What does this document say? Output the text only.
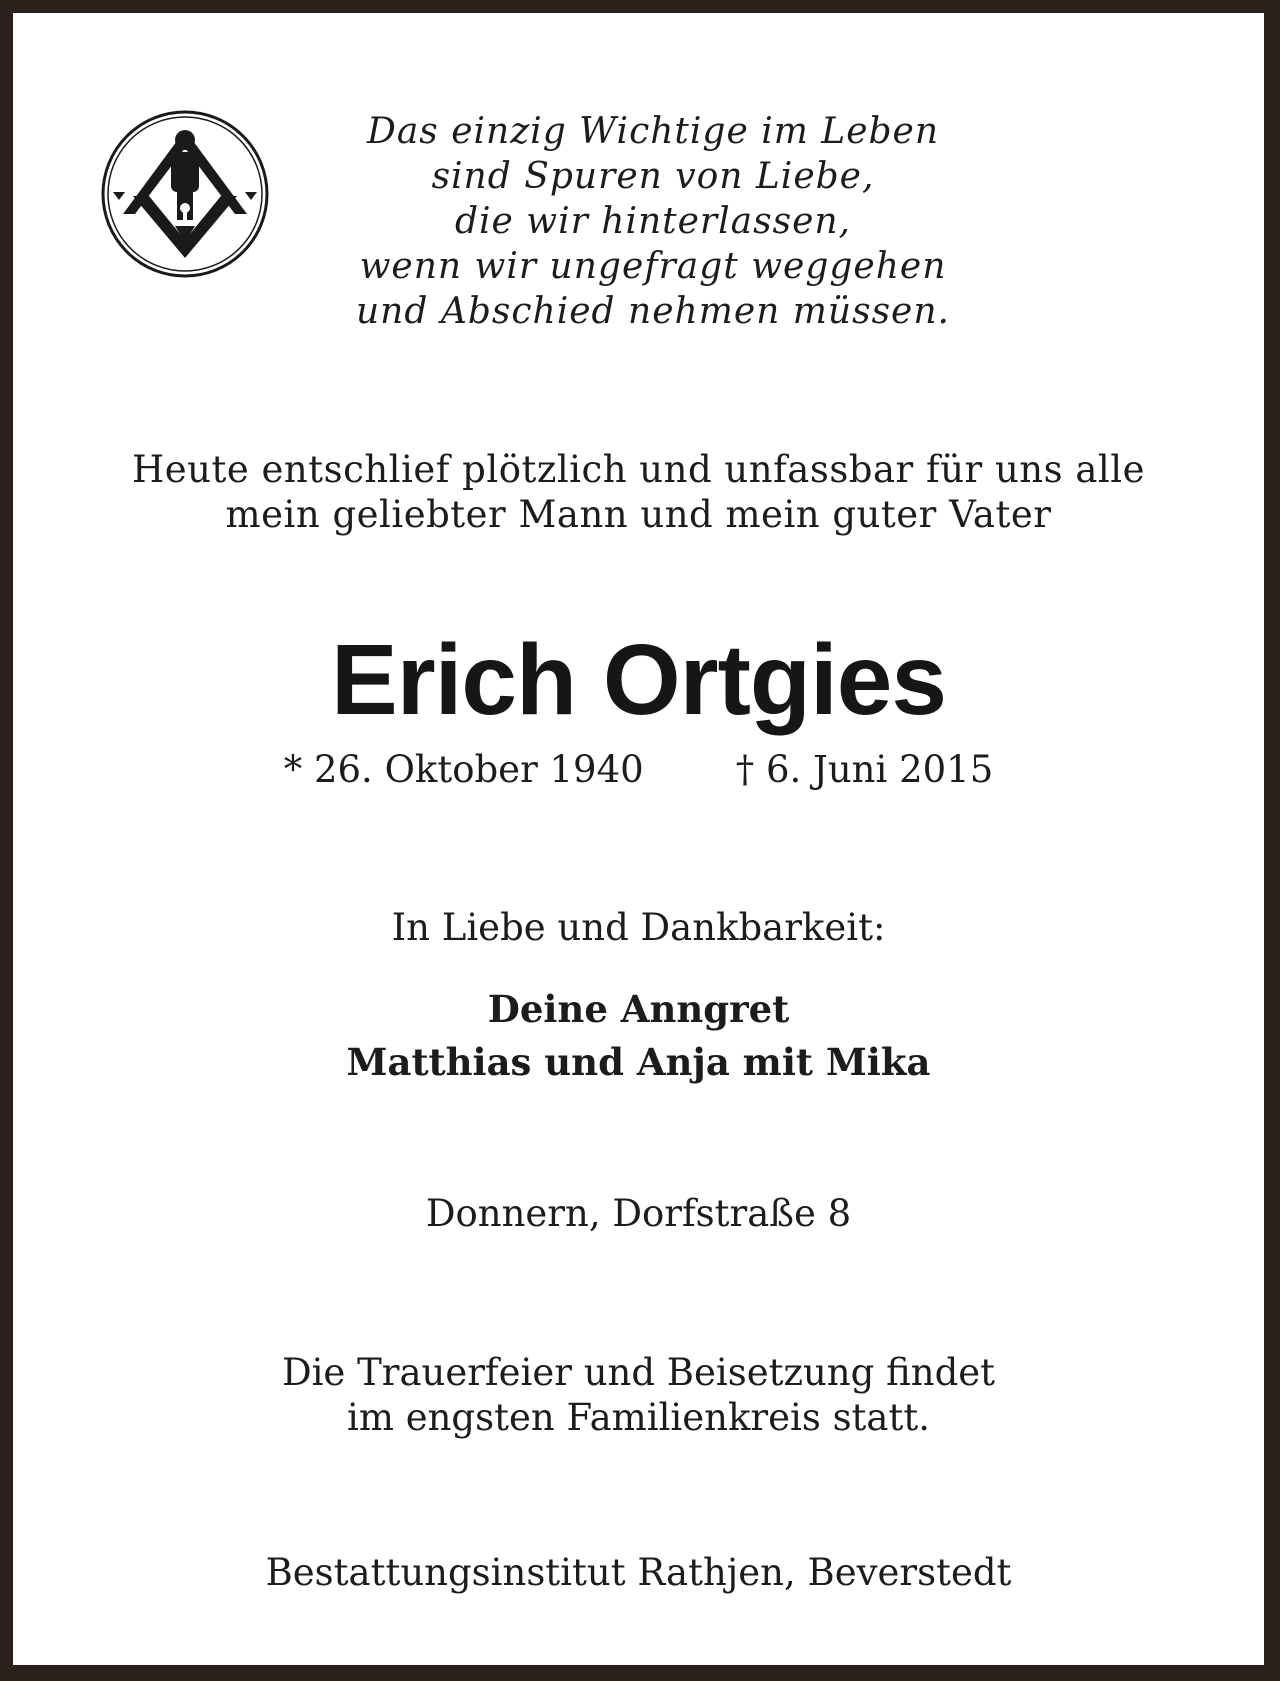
Das einzig Wichtige im Leben
sind Spuren von Liebe,
die wir hinterlassen,
wenn wir ungefragt weggehen
und Abschied nehmen müssen.
Heute entschlief plötzlich und unfassbar für uns alle
mein geliebter Mann und mein guter Vater
Erich Ortgies
* 26. Oktober 1940 † 6. Juni 2015
In Liebe und Dankbarkeit:
Deine Anngret
Matthias und Anja mit Mika
Donnern, Dorfstraße 8
Die Trauerfeier und Beisetzung findet
im engsten Familienkreis statt.
Bestattungsinstitut Rathjen, Beverstedt
